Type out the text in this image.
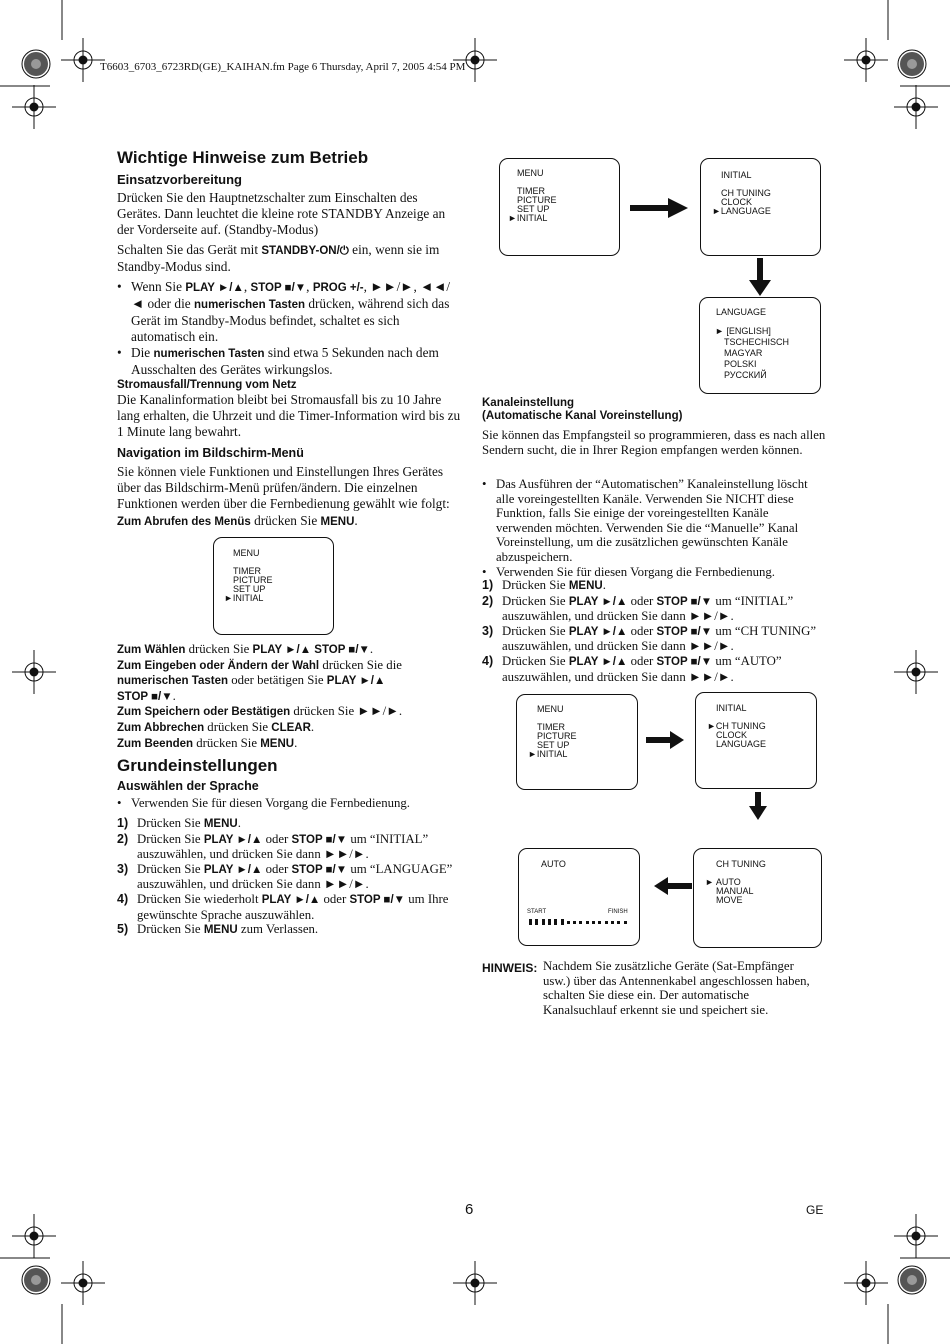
T6603_6703_6723RD(GE)_KAIHAN.fm Page 6 Thursday, April 7, 2005 4:54 PM
Wichtige Hinweise zum Betrieb
Einsatzvorbereitung
Drücken Sie den Hauptnetzschalter zum Einschalten des Gerätes. Dann leuchtet die kleine rote STANDBY Anzeige an der Vorderseite auf. (Standby-Modus)
Schalten Sie das Gerät mit STANDBY-ON/⏻ ein, wenn sie im Standby-Modus sind.
• Wenn Sie PLAY ►/▲, STOP ■/▼, PROG +/-, ►►/►, ◄◄/◄ oder die numerischen Tasten drücken, während sich das Gerät im Standby-Modus befindet, schaltet es sich automatisch ein.
• Die numerischen Tasten sind etwa 5 Sekunden nach dem Ausschalten des Gerätes wirkungslos.
Stromausfall/Trennung vom Netz
Die Kanalinformation bleibt bei Stromausfall bis zu 10 Jahre lang erhalten, die Uhrzeit und die Timer-Information wird bis zu 1 Minute lang bewahrt.
Navigation im Bildschirm-Menü
Sie können viele Funktionen und Einstellungen Ihres Gerätes über das Bildschirm-Menü prüfen/ändern. Die einzelnen Funktionen werden über die Fernbedienung gewählt wie folgt:
Zum Abrufen des Menüs drücken Sie MENU.
MENU
TIMER
PICTURE
SET UP
►INITIAL
Zum Wählen drücken Sie PLAY ►/▲ STOP ■/▼.
Zum Eingeben oder Ändern der Wahl drücken Sie die
numerischen Tasten oder betätigen Sie PLAY ►/▲
STOP ■/▼.
Zum Speichern oder Bestätigen drücken Sie ►►/►.
Zum Abbrechen drücken Sie CLEAR.
Zum Beenden drücken Sie MENU.
Grundeinstellungen
Auswählen der Sprache
• Verwenden Sie für diesen Vorgang die Fernbedienung.
1) Drücken Sie MENU.
2) Drücken Sie PLAY ►/▲ oder STOP ■/▼ um “INITIAL” auszuwählen, und drücken Sie dann ►►/►.
3) Drücken Sie PLAY ►/▲ oder STOP ■/▼ um “LANGUAGE” auszuwählen, und drücken Sie dann ►►/►.
4) Drücken Sie wiederholt PLAY ►/▲ oder STOP ■/▼ um Ihre gewünschte Sprache auszuwählen.
5) Drücken Sie MENU zum Verlassen.
MENU
TIMER
PICTURE
SET UP
►INITIAL
INITIAL
CH TUNING
CLOCK
►LANGUAGE
LANGUAGE
► [ENGLISH]
TSCHECHISCH
MAGYAR
POLSKI
РУССКИЙ
Kanaleinstellung
(Automatische Kanal Voreinstellung)
Sie können das Empfangsteil so programmieren, dass es nach allen Sendern sucht, die in Ihrer Region empfangen werden können.
• Das Ausführen der “Automatischen” Kanaleinstellung löscht alle voreingestellten Kanäle. Verwenden Sie NICHT diese Funktion, falls Sie einige der voreingestellten Kanäle verwenden möchten. Verwenden Sie die “Manuelle” Kanal Voreinstellung, um die zusätzlichen gewünschten Kanäle abzuspeichern.
• Verwenden Sie für diesen Vorgang die Fernbedienung.
1) Drücken Sie MENU.
2) Drücken Sie PLAY ►/▲ oder STOP ■/▼ um “INITIAL” auszuwählen, und drücken Sie dann ►►/►.
3) Drücken Sie PLAY ►/▲ oder STOP ■/▼ um “CH TUNING” auszuwählen, und drücken Sie dann ►►/►.
4) Drücken Sie PLAY ►/▲ oder STOP ■/▼ um “AUTO” auszuwählen, und drücken Sie dann ►►/►.
MENU
TIMER
PICTURE
SET UP
►INITIAL
INITIAL
►CH TUNING
CLOCK
LANGUAGE
CH TUNING
► AUTO
MANUAL
MOVE
AUTO
START	FINISH
HINWEIS: Nachdem Sie zusätzliche Geräte (Sat-Empfänger usw.) über das Antennenkabel angeschlossen haben, schalten Sie diese ein. Der automatische Kanalsuchlauf erkennt sie und speichert sie.
6	GE
